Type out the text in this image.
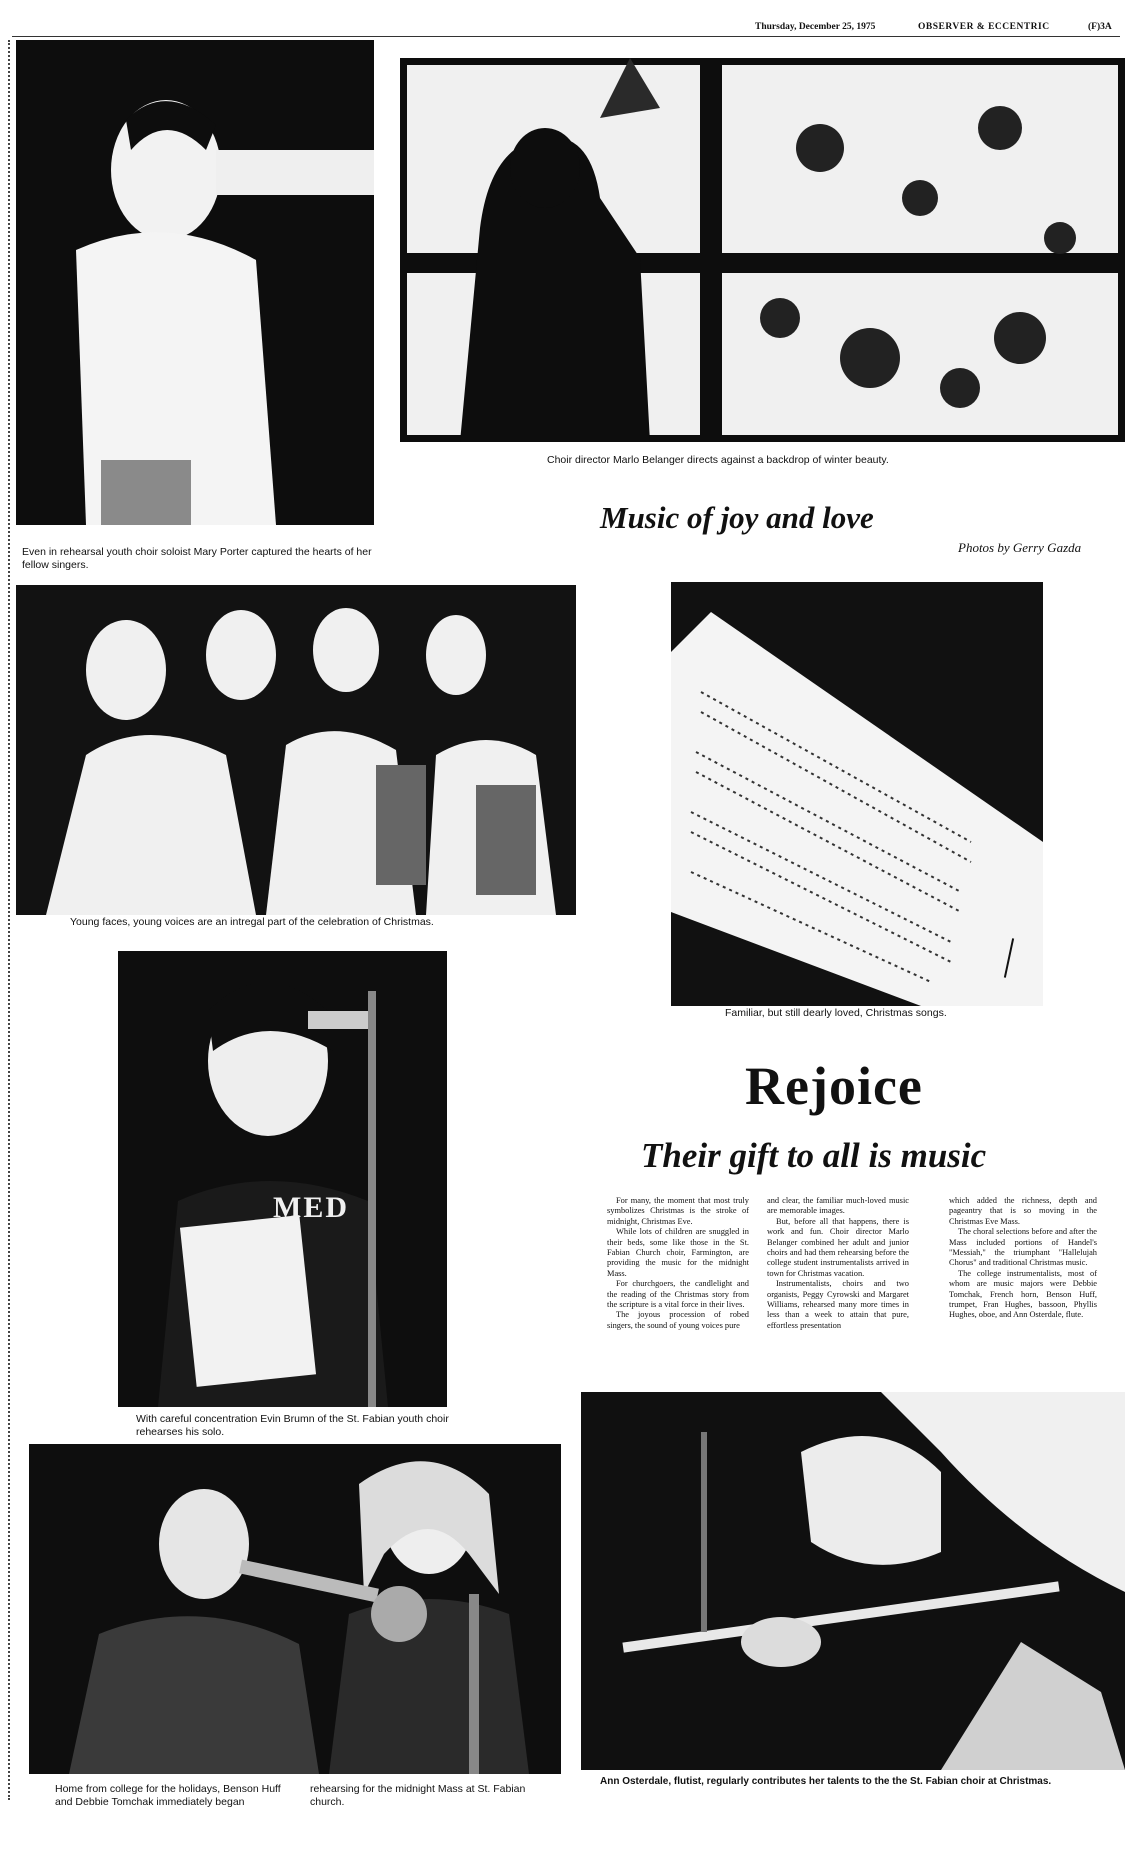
Thursday, December 25, 1975	OBSERVER & ECCENTRIC	(F)3A
Even in rehearsal youth choir soloist Mary Porter captured the hearts of her fellow singers.
Choir director Marlo Belanger directs against a backdrop of winter beauty.
Music of joy and love
Photos by Gerry Gazda
Young faces, young voices are an intregal part of the celebration of Christmas.
Familiar, but still dearly loved, Christmas songs.
MED
With careful concentration Evin Brumn of the St. Fabian youth choir rehearses his solo.
Rejoice
Their gift to all is music

For many, the moment that most truly symbolizes Christmas is the stroke of midnight, Christmas Eve.

While lots of children are snuggled in their beds, some like those in the St. Fabian Church choir, Farmington, are providing the music for the midnight Mass.

For churchgoers, the candlelight and the reading of the Christmas story from the scripture is a vital force in their lives.

The joyous procession of robed singers, the sound of young voices pure

and clear, the familiar much-loved music are memorable images.

But, before all that happens, there is work and fun. Choir director Marlo Belanger combined her adult and junior choirs and had them rehearsing before the college student instrumentalists arrived in town for Christmas vacation.

Instrumentalists, choirs and two organists, Peggy Cyrowski and Margaret Williams, rehearsed many more times in less than a week to attain that pure, effortless presentation

which added the richness, depth and pageantry that is so moving in the Christmas Eve Mass.

The choral selections before and after the Mass included portions of Handel's "Messiah," the triumphant "Hallelujah Chorus" and traditional Christmas music.

The college instrumentalists, most of whom are music majors were Debbie Tomchak, French horn, Benson Huff, trumpet, Fran Hughes, bassoon, Phyllis Hughes, oboe, and Ann Osterdale, flute.

Home from college for the holidays, Benson Huff and Debbie Tomchak immediately began
rehearsing for the midnight Mass at St. Fabian church.
Ann Osterdale, flutist, regularly contributes her talents to the the St. Fabian choir at Christmas.
